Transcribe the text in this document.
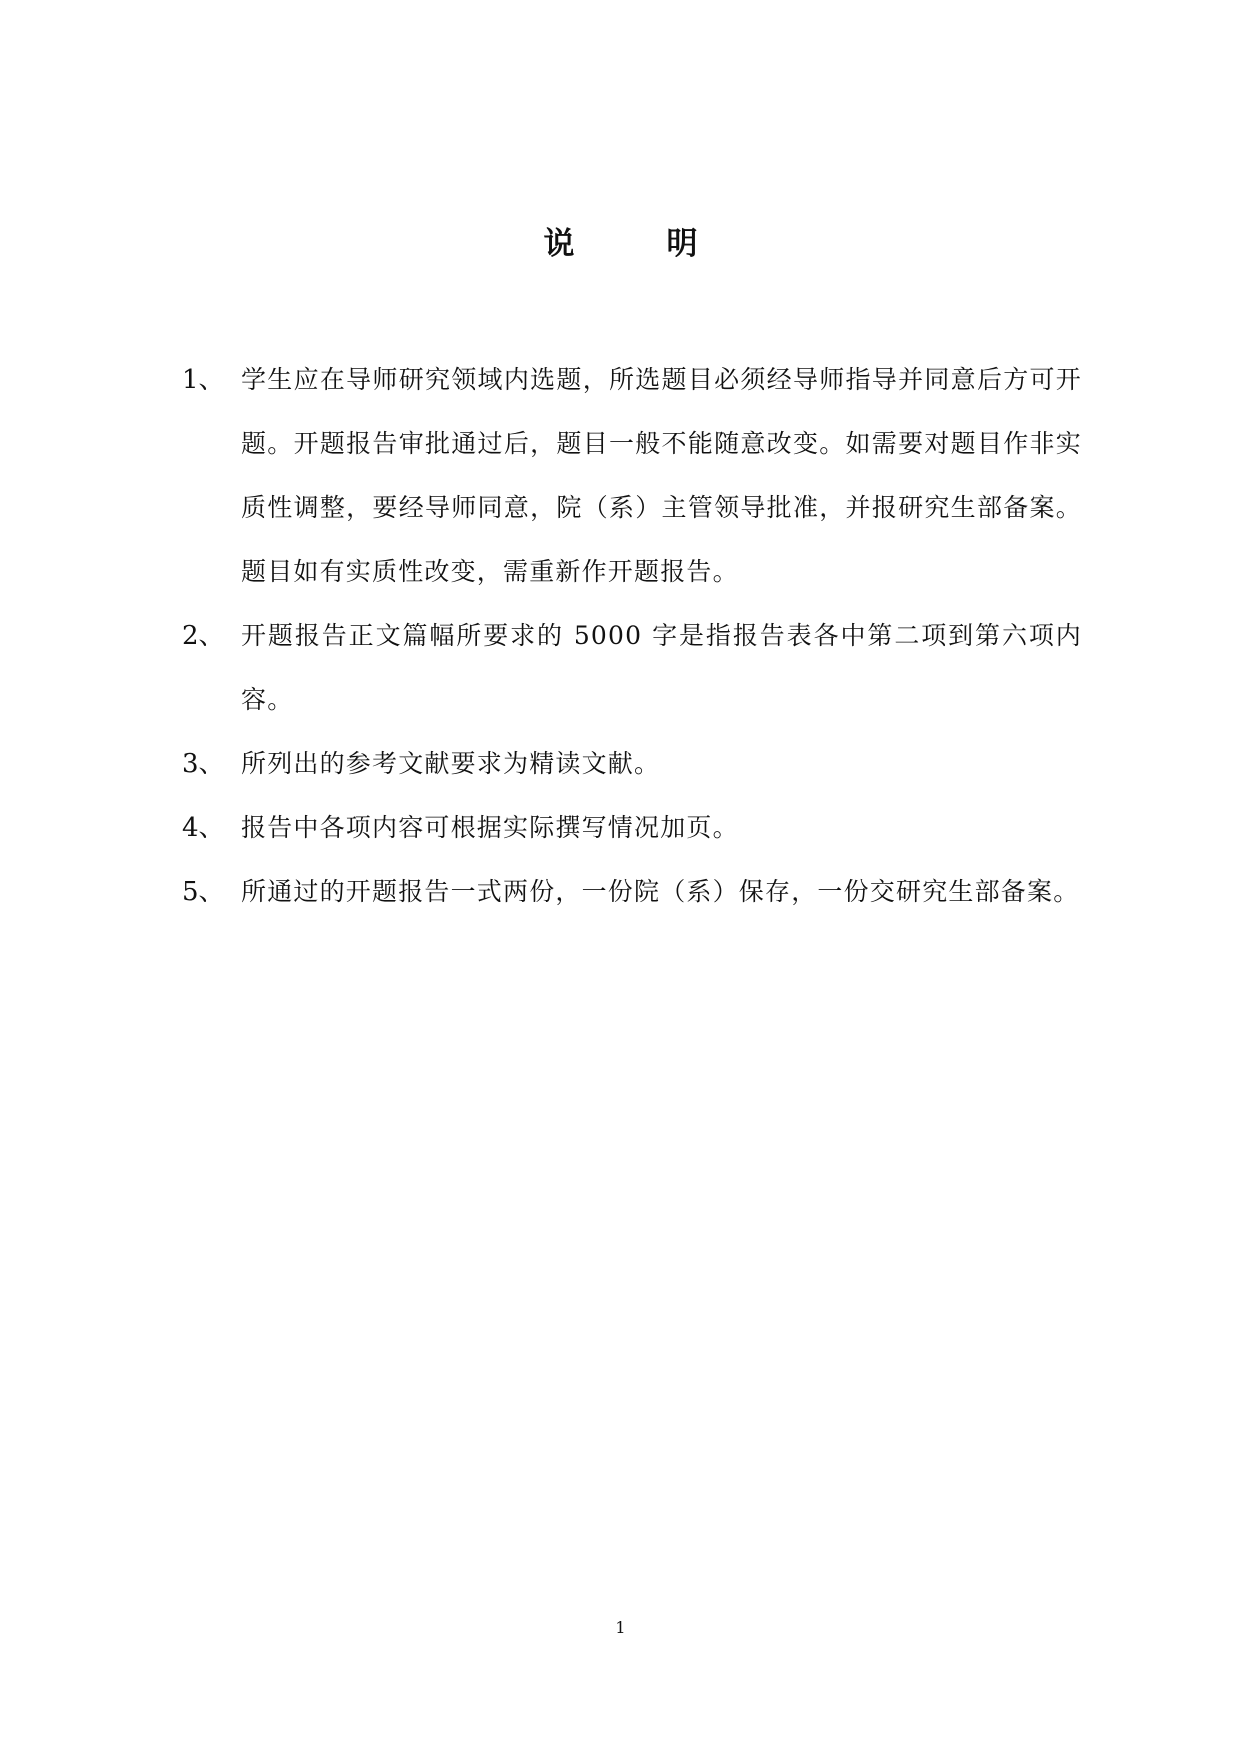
说	明
1、 学生应在导师研究领域内选题，所选题目必须经导师指导并同意后方可开题。开题报告审批通过后，题目一般不能随意改变。如需要对题目作非实质性调整，要经导师同意，院（系）主管领导批准，并报研究生部备案。题目如有实质性改变，需重新作开题报告。
2、 开题报告正文篇幅所要求的 5000 字是指报告表各中第二项到第六项内容。
3、 所列出的参考文献要求为精读文献。
4、 报告中各项内容可根据实际撰写情况加页。
5、 所通过的开题报告一式两份，一份院（系）保存，一份交研究生部备案。
1
